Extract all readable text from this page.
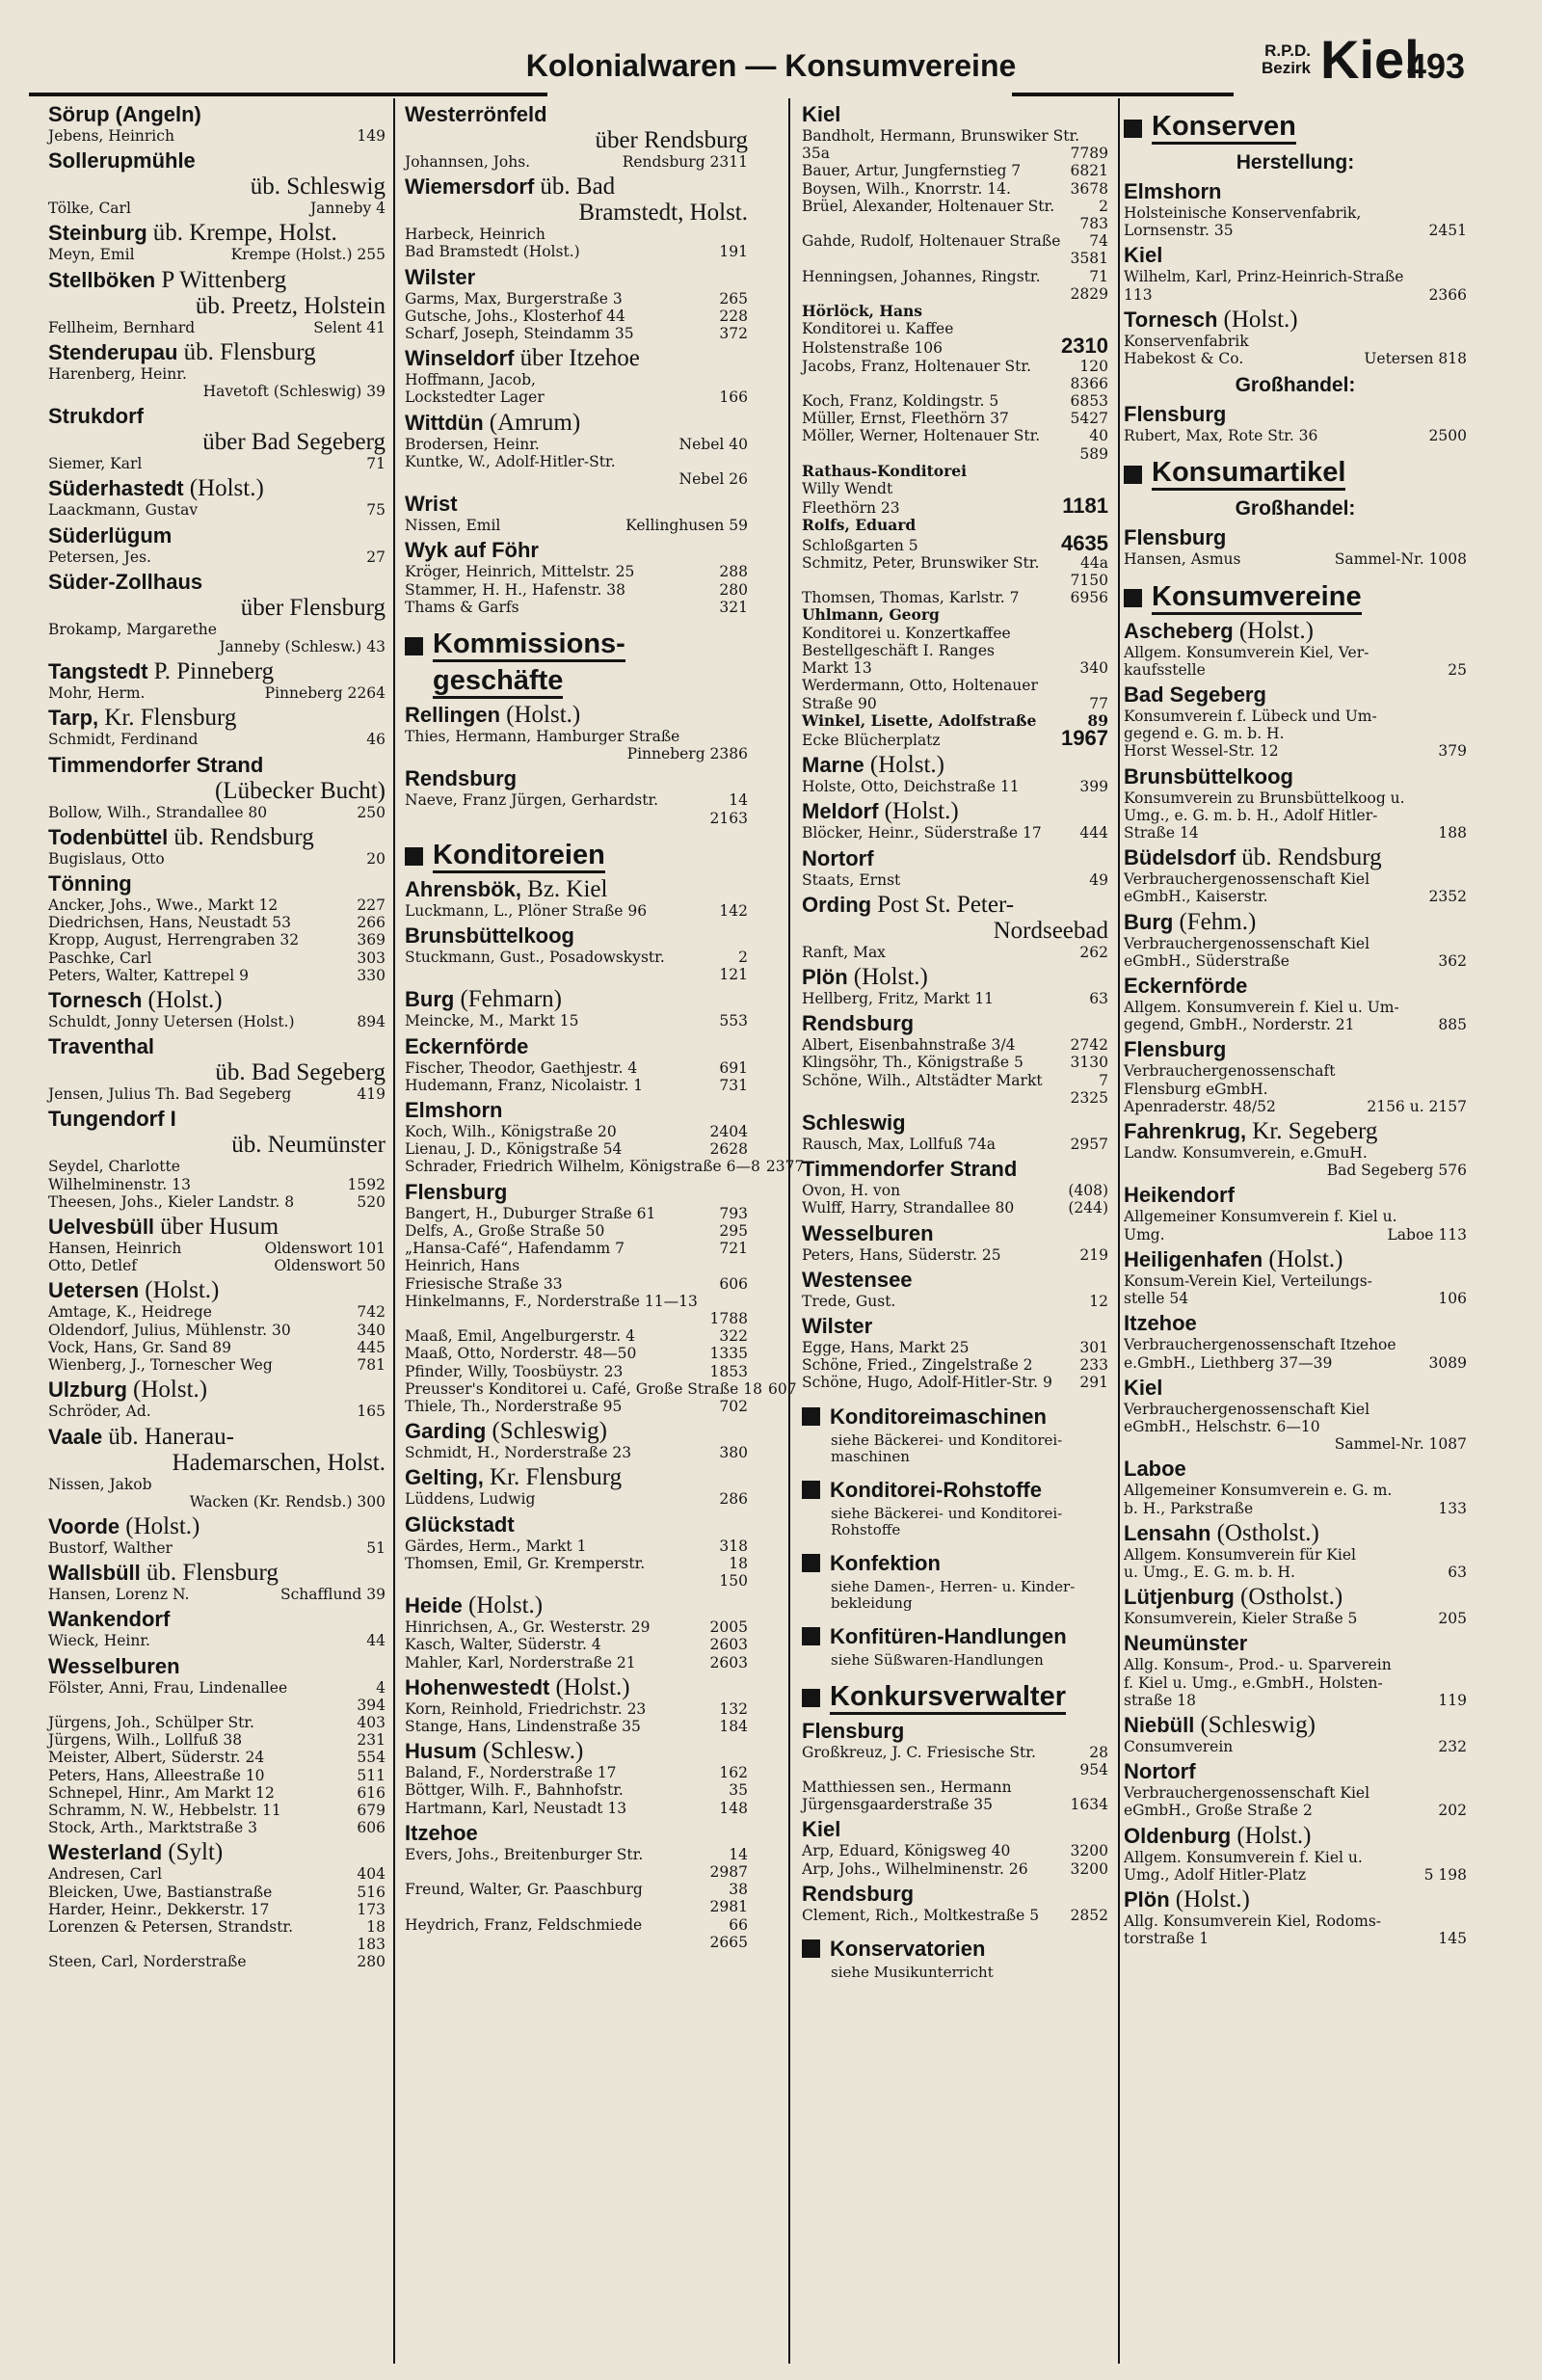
Kolonialwaren — Konsumvereine	R.P.D.
Bezirk Kiel
493
Sörup (Angeln)
Jebens, Heinrich	149
Sollerupmühle
üb. Schleswig
Tölke, Carl	Janneby 4
Steinburg üb. Krempe, Holst.
Meyn, Emil	Krempe (Holst.) 255
Stellböken P Wittenberg
üb. Preetz, Holstein
Fellheim, Bernhard	Selent 41
Stenderupau üb. Flensburg
Harenberg, Heinr.
Havetoft (Schleswig) 39
Strukdorf
über Bad Segeberg
Siemer, Karl	71
Süderhastedt (Holst.)
Laackmann, Gustav	75
Süderlügum
Petersen, Jes.	27
Süder-Zollhaus
über Flensburg
Brokamp, Margarethe
Janneby (Schlesw.) 43
Tangstedt P. Pinneberg
Mohr, Herm.	Pinneberg 2264
Tarp, Kr. Flensburg
Schmidt, Ferdinand	46
Timmendorfer Strand
(Lübecker Bucht)
Bollow, Wilh., Strandallee 80	250
Todenbüttel üb. Rendsburg
Bugislaus, Otto	20
Tönning
Ancker, Johs., Wwe., Markt 12	227
Diedrichsen, Hans, Neustadt 53	266
Kropp, August, Herrengraben 32	369
Paschke, Carl	303
Peters, Walter, Kattrepel 9	330
Tornesch (Holst.)
Schuldt, Jonny Uetersen (Holst.)	894
Traventhal
üb. Bad Segeberg
Jensen, Julius Th. Bad Segeberg	419
Tungendorf I
üb. Neumünster
Seydel, Charlotte
Wilhelminenstr. 13	1592
Theesen, Johs., Kieler Landstr. 8	520
Uelvesbüll über Husum
Hansen, Heinrich	Oldenswort 101
Otto, Detlef	Oldenswort 50
Uetersen (Holst.)
Amtage, K., Heidrege	742
Oldendorf, Julius, Mühlenstr. 30	340
Vock, Hans, Gr. Sand 89	445
Wienberg, J., Tornescher Weg	781
Ulzburg (Holst.)
Schröder, Ad.	165
Vaale üb. Hanerau-
Hademarschen, Holst.
Nissen, Jakob
Wacken (Kr. Rendsb.) 300
Voorde (Holst.)
Bustorf, Walther	51
Wallsbüll üb. Flensburg
Hansen, Lorenz N.	Schafflund 39
Wankendorf
Wieck, Heinr.	44
Wesselburen
Fölster, Anni, Frau, Lindenallee	4
394
Jürgens, Joh., Schülper Str.	403
Jürgens, Wilh., Lollfuß 38	231
Meister, Albert, Süderstr. 24	554
Peters, Hans, Alleestraße 10	511
Schnepel, Hinr., Am Markt 12	616
Schramm, N. W., Hebbelstr. 11	679
Stock, Arth., Marktstraße 3	606
Westerland (Sylt)
Andresen, Carl	404
Bleicken, Uwe, Bastianstraße	516
Harder, Heinr., Dekkerstr. 17	173
Lorenzen & Petersen, Strandstr.	18
183
Steen, Carl, Norderstraße	280
Westerrönfeld
über Rendsburg
Johannsen, Johs.	Rendsburg 2311
Wiemersdorf üb. Bad
Bramstedt, Holst.
Harbeck, Heinrich
Bad Bramstedt (Holst.)	191
Wilster
Garms, Max, Burgerstraße 3	265
Gutsche, Johs., Klosterhof 44	228
Scharf, Joseph, Steindamm 35	372
Winseldorf über Itzehoe
Hoffmann, Jacob,
Lockstedter Lager	166
Wittdün (Amrum)
Brodersen, Heinr.	Nebel 40
Kuntke, W., Adolf-Hitler-Str.
Nebel 26
Wrist
Nissen, Emil	Kellinghusen 59
Wyk auf Föhr
Kröger, Heinrich, Mittelstr. 25	288
Stammer, H. H., Hafenstr. 38	280
Thams & Garfs	321
Kommissions-
geschäfte
Rellingen (Holst.)
Thies, Hermann, Hamburger Straße
Pinneberg 2386
Rendsburg
Naeve, Franz Jürgen, Gerhardstr.	14
2163
Konditoreien
Ahrensbök, Bz. Kiel
Luckmann, L., Plöner Straße 96	142
Brunsbüttelkoog
Stuckmann, Gust., Posadowskystr.	2
121
Burg (Fehmarn)
Meincke, M., Markt 15	553
Eckernförde
Fischer, Theodor, Gaethjestr. 4	691
Hudemann, Franz, Nicolaistr. 1	731
Elmshorn
Koch, Wilh., Königstraße 20	2404
Lienau, J. D., Königstraße 54	2628
Schrader, Friedrich Wilhelm, Königstraße 6—8 2377
Flensburg
Bangert, H., Duburger Straße 61	793
Delfs, A., Große Straße 50	295
„Hansa-Café“, Hafendamm 7	721
Heinrich, Hans
Friesische Straße 33	606
Hinkelmanns, F., Norderstraße 11—13
1788
Maaß, Emil, Angelburgerstr. 4	322
Maaß, Otto, Norderstr. 48—50	1335
Pfinder, Willy, Toosbüystr. 23	1853
Preusser's Konditorei u. Café, Große Straße 18 607
Thiele, Th., Norderstraße 95	702
Garding (Schleswig)
Schmidt, H., Norderstraße 23	380
Gelting, Kr. Flensburg
Lüddens, Ludwig	286
Glückstadt
Gärdes, Herm., Markt 1	318
Thomsen, Emil, Gr. Kremperstr.	18
150
Heide (Holst.)
Hinrichsen, A., Gr. Westerstr. 29	2005
Kasch, Walter, Süderstr. 4	2603
Mahler, Karl, Norderstraße 21	2603
Hohenwestedt (Holst.)
Korn, Reinhold, Friedrichstr. 23	132
Stange, Hans, Lindenstraße 35	184
Husum (Schlesw.)
Baland, F., Norderstraße 17	162
Böttger, Wilh. F., Bahnhofstr.	35
Hartmann, Karl, Neustadt 13	148
Itzehoe
Evers, Johs., Breitenburger Str.	14
2987
Freund, Walter, Gr. Paaschburg	38
2981
Heydrich, Franz, Feldschmiede	66
2665
Kiel
Bandholt, Hermann, Brunswiker Str.
35a	7789
Bauer, Artur, Jungfernstieg 7	6821
Boysen, Wilh., Knorrstr. 14.	3678
Brüel, Alexander, Holtenauer Str.	2
783
Gahde, Rudolf, Holtenauer Straße	74
3581
Henningsen, Johannes, Ringstr.	71
2829
Hörlöck, Hans
Konditorei u. Kaffee
Holstenstraße 106	2310
Jacobs, Franz, Holtenauer Str.	120
8366
Koch, Franz, Koldingstr. 5	6853
Müller, Ernst, Fleethörn 37	5427
Möller, Werner, Holtenauer Str.	40
589
Rathaus-Konditorei
Willy Wendt
Fleethörn 23	1181
Rolfs, Eduard
Schloßgarten 5	4635
Schmitz, Peter, Brunswiker Str.	44a
7150
Thomsen, Thomas, Karlstr. 7	6956
Uhlmann, Georg
Konditorei u. Konzertkaffee
Bestellgeschäft I. Ranges
Markt 13	340
Werdermann, Otto, Holtenauer
Straße 90	77
Winkel, Lisette, Adolfstraße	89
Ecke Blücherplatz	1967
Marne (Holst.)
Holste, Otto, Deichstraße 11	399
Meldorf (Holst.)
Blöcker, Heinr., Süderstraße 17	444
Nortorf
Staats, Ernst	49
Ording Post St. Peter-
Nordseebad
Ranft, Max	262
Plön (Holst.)
Hellberg, Fritz, Markt 11	63
Rendsburg
Albert, Eisenbahnstraße 3/4	2742
Klingsöhr, Th., Königstraße 5	3130
Schöne, Wilh., Altstädter Markt	7
2325
Schleswig
Rausch, Max, Lollfuß 74a	2957
Timmendorfer Strand
Ovon, H. von	(408)
Wulff, Harry, Strandallee 80	(244)
Wesselburen
Peters, Hans, Süderstr. 25	219
Westensee
Trede, Gust.	12
Wilster
Egge, Hans, Markt 25	301
Schöne, Fried., Zingelstraße 2	233
Schöne, Hugo, Adolf-Hitler-Str. 9	291
Konditoreimaschinen
siehe Bäckerei- und Konditorei-
maschinen
Konditorei-Rohstoffe
siehe Bäckerei- und Konditorei-
Rohstoffe
Konfektion
siehe Damen-, Herren- u. Kinder-
bekleidung
Konfitüren-Handlungen
siehe Süßwaren-Handlungen
Konkursverwalter
Flensburg
Großkreuz, J. C. Friesische Str.	28
954
Matthiessen sen., Hermann
Jürgensgaarderstraße 35	1634
Kiel
Arp, Eduard, Königsweg 40	3200
Arp, Johs., Wilhelminenstr. 26	3200
Rendsburg
Clement, Rich., Moltkestraße 5	2852
Konservatorien
siehe Musikunterricht
Konserven
Herstellung:
Elmshorn
Holsteinische Konservenfabrik,
Lornsenstr. 35	2451
Kiel
Wilhelm, Karl, Prinz-Heinrich-Straße
113	2366
Tornesch (Holst.)
Konservenfabrik
Habekost & Co.	Uetersen 818
Großhandel:
Flensburg
Rubert, Max, Rote Str. 36	2500
Konsumartikel
Großhandel:
Flensburg
Hansen, Asmus	Sammel-Nr. 1008
Konsumvereine
Ascheberg (Holst.)
Allgem. Konsumverein Kiel, Ver-
kaufsstelle	25
Bad Segeberg
Konsumverein f. Lübeck und Um-
gegend e. G. m. b. H.
Horst Wessel-Str. 12	379
Brunsbüttelkoog
Konsumverein zu Brunsbüttelkoog u.
Umg., e. G. m. b. H., Adolf Hitler-
Straße 14	188
Büdelsdorf üb. Rendsburg
Verbrauchergenossenschaft Kiel
eGmbH., Kaiserstr.	2352
Burg (Fehm.)
Verbrauchergenossenschaft Kiel
eGmbH., Süderstraße	362
Eckernförde
Allgem. Konsumverein f. Kiel u. Um-
gegend, GmbH., Norderstr. 21	885
Flensburg
Verbrauchergenossenschaft
Flensburg eGmbH.
Apenraderstr. 48/52	2156 u. 2157
Fahrenkrug, Kr. Segeberg
Landw. Konsumverein, e.GmuH.
Bad Segeberg 576
Heikendorf
Allgemeiner Konsumverein f. Kiel u.
Umg.	Laboe 113
Heiligenhafen (Holst.)
Konsum-Verein Kiel, Verteilungs-
stelle 54	106
Itzehoe
Verbrauchergenossenschaft Itzehoe
e.GmbH., Liethberg 37—39	3089
Kiel
Verbrauchergenossenschaft Kiel
eGmbH., Helschstr. 6—10
Sammel-Nr. 1087
Laboe
Allgemeiner Konsumverein e. G. m.
b. H., Parkstraße	133
Lensahn (Ostholst.)
Allgem. Konsumverein für Kiel
u. Umg., E. G. m. b. H.	63
Lütjenburg (Ostholst.)
Konsumverein, Kieler Straße 5	205
Neumünster
Allg. Konsum-, Prod.- u. Sparverein
f. Kiel u. Umg., e.GmbH., Holsten-
straße 18	119
Niebüll (Schleswig)
Consumverein	232
Nortorf
Verbrauchergenossenschaft Kiel
eGmbH., Große Straße 2	202
Oldenburg (Holst.)
Allgem. Konsumverein f. Kiel u.
Umg., Adolf Hitler-Platz	5 198
Plön (Holst.)
Allg. Konsumverein Kiel, Rodoms-
torstraße 1	145
